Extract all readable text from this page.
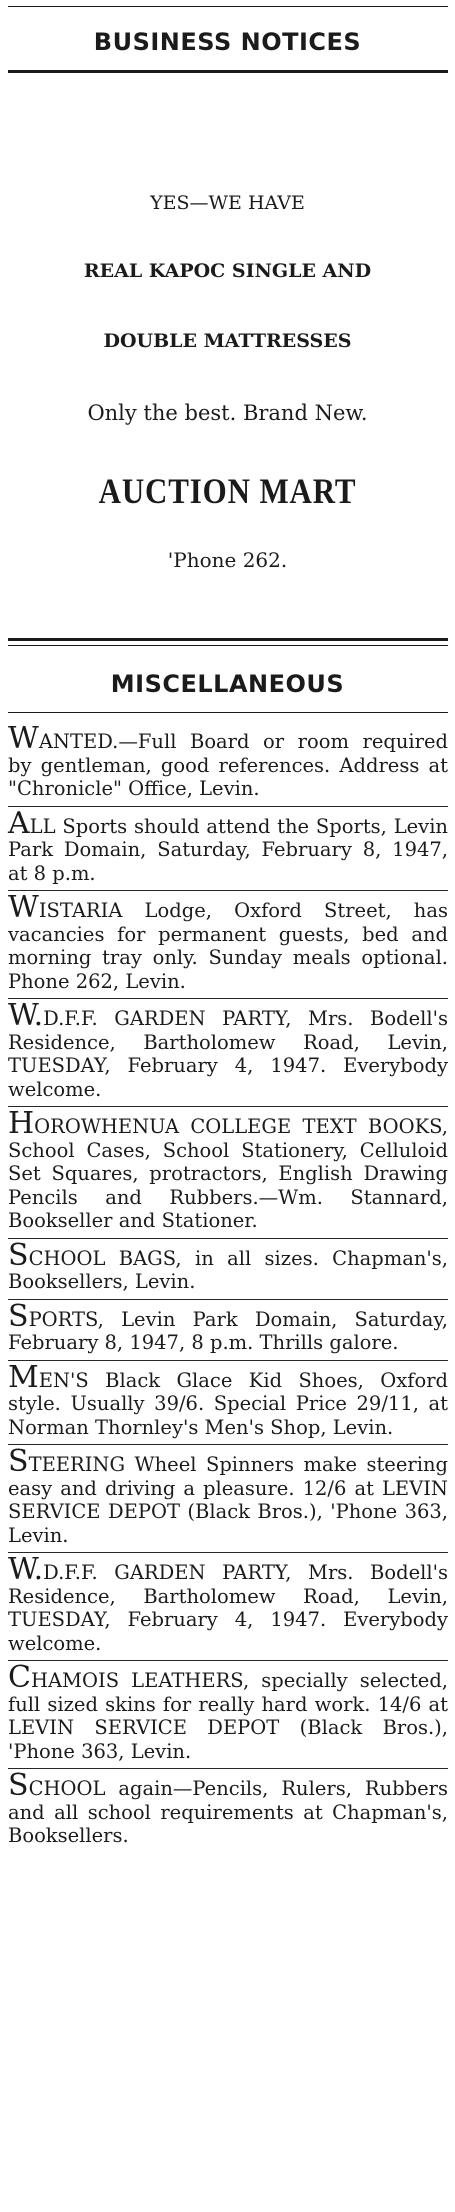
BUSINESS NOTICES
YES—WE HAVE
REAL KAPOC SINGLE AND
DOUBLE MATTRESSES
Only the best. Brand New.
AUCTION MART
'Phone 262.
MISCELLANEOUS
WANTED.—Full Board or room required by gentleman, good references. Address at "Chronicle" Office, Levin.
ALL Sports should attend the Sports, Levin Park Domain, Saturday, February 8, 1947, at 8 p.m.
WISTARIA Lodge, Oxford Street, has vacancies for permanent guests, bed and morning tray only. Sunday meals optional. Phone 262, Levin.
W.D.F.F. GARDEN PARTY, Mrs. Bodell's Residence, Bartholomew Road, Levin, TUESDAY, February 4, 1947. Everybody welcome.
HOROWHENUA COLLEGE TEXT BOOKS, School Cases, School Stationery, Celluloid Set Squares, protractors, English Drawing Pencils and Rubbers.—Wm. Stannard, Bookseller and Stationer.
SCHOOL BAGS, in all sizes. Chapman's, Booksellers, Levin.
SPORTS, Levin Park Domain, Saturday, February 8, 1947, 8 p.m. Thrills galore.
MEN'S Black Glace Kid Shoes, Oxford style. Usually 39/6. Special Price 29/11, at Norman Thornley's Men's Shop, Levin.
STEERING Wheel Spinners make steering easy and driving a pleasure. 12/6 at LEVIN SERVICE DEPOT (Black Bros.), 'Phone 363, Levin.
W.D.F.F. GARDEN PARTY, Mrs. Bodell's Residence, Bartholomew Road, Levin, TUESDAY, February 4, 1947. Everybody welcome.
CHAMOIS LEATHERS, specially selected, full sized skins for really hard work. 14/6 at LEVIN SERVICE DEPOT (Black Bros.), 'Phone 363, Levin.
SCHOOL again—Pencils, Rulers, Rubbers and all school requirements at Chapman's, Booksellers.
